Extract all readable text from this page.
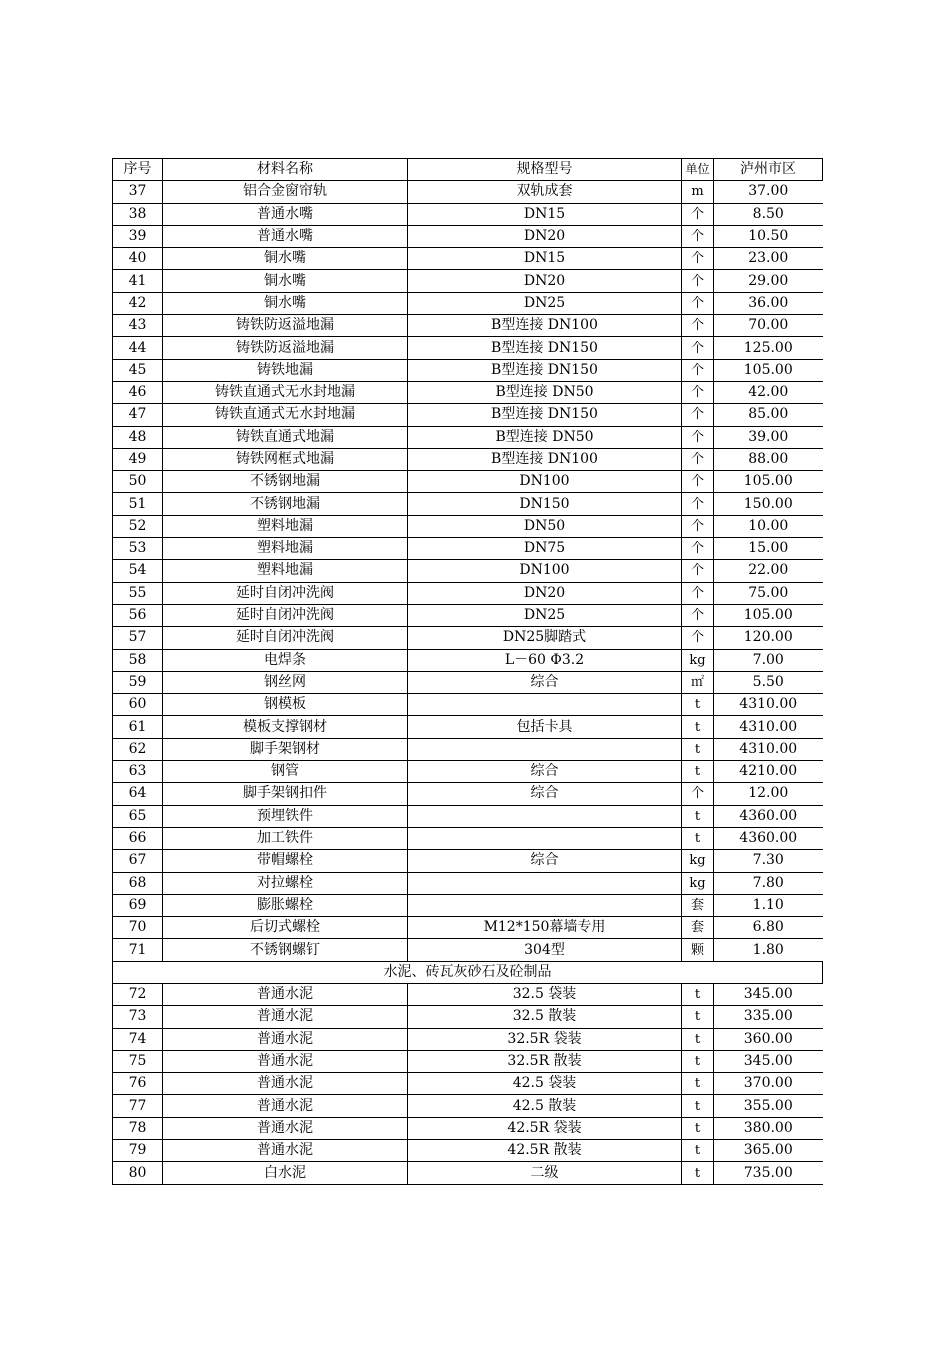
序号	材料名称	规格型号	单位	泸州市区
37	铝合金窗帘轨	双轨成套	m	37.00
38	普通水嘴	DN15	个	8.50
39	普通水嘴	DN20	个	10.50
40	铜水嘴	DN15	个	23.00
41	铜水嘴	DN20	个	29.00
42	铜水嘴	DN25	个	36.00
43	铸铁防返溢地漏	B型连接 DN100	个	70.00
44	铸铁防返溢地漏	B型连接 DN150	个	125.00
45	铸铁地漏	B型连接 DN150	个	105.00
46	铸铁直通式无水封地漏	B型连接 DN50	个	42.00
47	铸铁直通式无水封地漏	B型连接 DN150	个	85.00
48	铸铁直通式地漏	B型连接 DN50	个	39.00
49	铸铁网框式地漏	B型连接 DN100	个	88.00
50	不锈钢地漏	DN100	个	105.00
51	不锈钢地漏	DN150	个	150.00
52	塑料地漏	DN50	个	10.00
53	塑料地漏	DN75	个	15.00
54	塑料地漏	DN100	个	22.00
55	延时自闭冲洗阀	DN20	个	75.00
56	延时自闭冲洗阀	DN25	个	105.00
57	延时自闭冲洗阀	DN25脚踏式	个	120.00
58	电焊条	L－60 Φ3.2	kg	7.00
59	钢丝网	综合	㎡	5.50
60	钢模板		t	4310.00
61	模板支撑钢材	包括卡具	t	4310.00
62	脚手架钢材		t	4310.00
63	钢管	综合	t	4210.00
64	脚手架钢扣件	综合	个	12.00
65	预埋铁件		t	4360.00
66	加工铁件		t	4360.00
67	带帽螺栓	综合	kg	7.30
68	对拉螺栓		kg	7.80
69	膨胀螺栓		套	1.10
70	后切式螺栓	M12*150幕墙专用	套	6.80
71	不锈钢螺钉	304型	颗	1.80
水泥、砖瓦灰砂石及砼制品				
72	普通水泥	32.5 袋装	t	345.00
73	普通水泥	32.5 散装	t	335.00
74	普通水泥	32.5R 袋装	t	360.00
75	普通水泥	32.5R 散装	t	345.00
76	普通水泥	42.5 袋装	t	370.00
77	普通水泥	42.5 散装	t	355.00
78	普通水泥	42.5R 袋装	t	380.00
79	普通水泥	42.5R 散装	t	365.00
80	白水泥	二级	t	735.00
